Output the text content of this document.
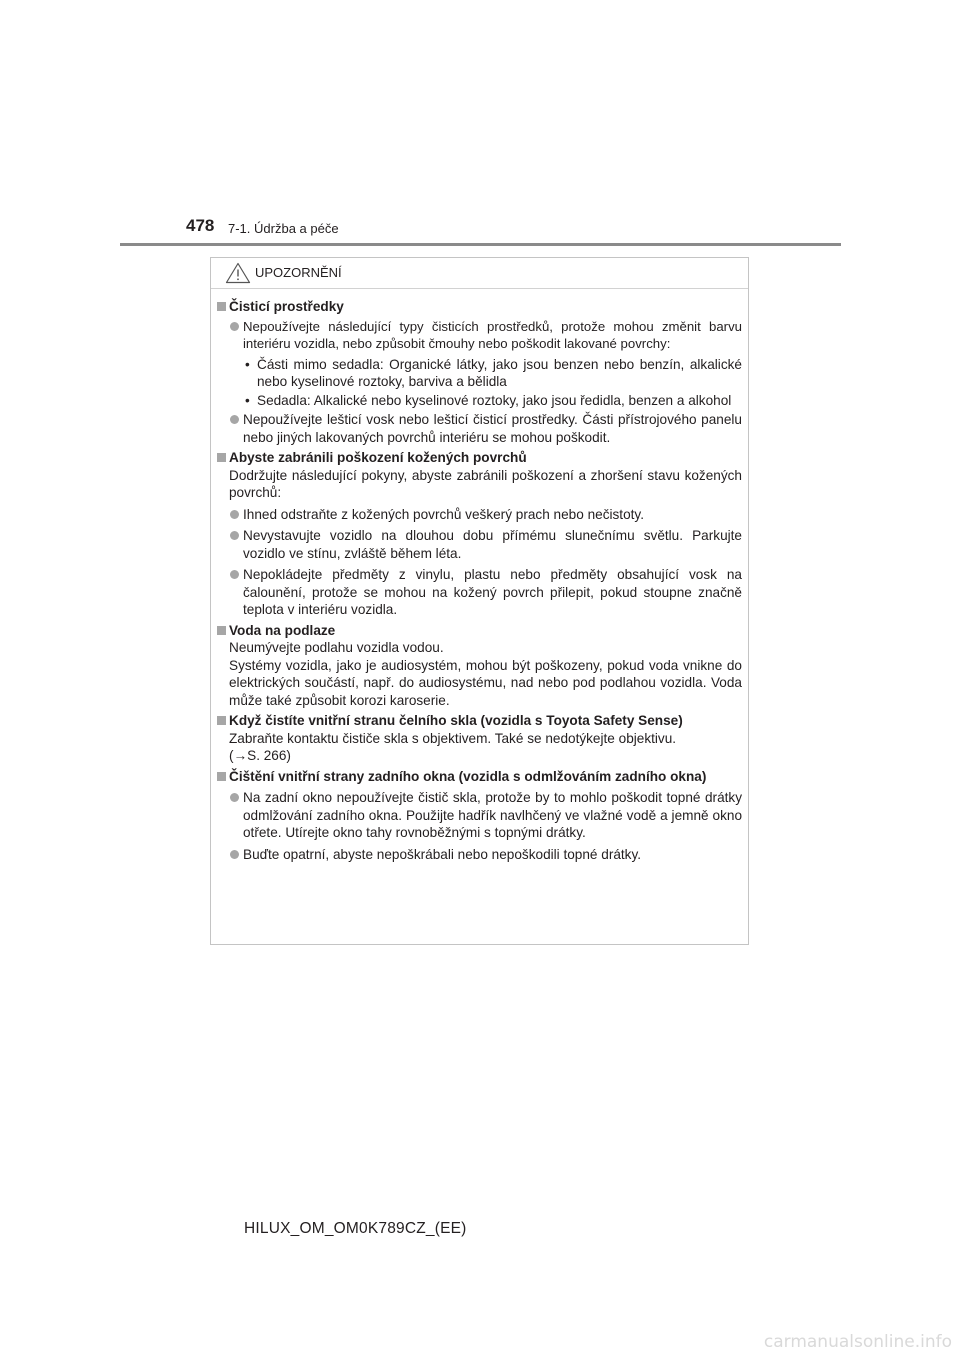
478 7-1. Údržba a péče
UPOZORNĚNÍ
Čisticí prostředky
Nepoužívejte následující typy čisticích prostředků, protože mohou změnit barvu interiéru vozidla, nebo způsobit čmouhy nebo poškodit lakované povrchy:
• Části mimo sedadla: Organické látky, jako jsou benzen nebo benzín, alkalické nebo kyselinové roztoky, barviva a bělidla
• Sedadla: Alkalické nebo kyselinové roztoky, jako jsou ředidla, benzen a alkohol
Nepoužívejte lešticí vosk nebo lešticí čisticí prostředky. Části přístrojového panelu nebo jiných lakovaných povrchů interiéru se mohou poškodit.
Abyste zabránili poškození kožených povrchů
Dodržujte následující pokyny, abyste zabránili poškození a zhoršení stavu kožených povrchů:
Ihned odstraňte z kožených povrchů veškerý prach nebo nečistoty.
Nevystavujte vozidlo na dlouhou dobu přímému slunečnímu světlu. Parkujte vozidlo ve stínu, zvláště během léta.
Nepokládejte předměty z vinylu, plastu nebo předměty obsahující vosk na čalounění, protože se mohou na kožený povrch přilepit, pokud stoupne značně teplota v interiéru vozidla.
Voda na podlaze
Neumývejte podlahu vozidla vodou.
Systémy vozidla, jako je audiosystém, mohou být poškozeny, pokud voda vnikne do elektrických součástí, např. do audiosystému, nad nebo pod podlahou vozidla. Voda může také způsobit korozi karoserie.
Když čistíte vnitřní stranu čelního skla (vozidla s Toyota Safety Sense)
Zabraňte kontaktu čističe skla s objektivem. Také se nedotýkejte objektivu.
(→S. 266)
Čištění vnitřní strany zadního okna (vozidla s odmlžováním zadního okna)
Na zadní okno nepoužívejte čistič skla, protože by to mohlo poškodit topné drátky odmlžování zadního okna. Použijte hadřík navlhčený ve vlažné vodě a jemně okno otřete. Utírejte okno tahy rovnoběžnými s topnými drátky.
Buďte opatrní, abyste nepoškrábali nebo nepoškodili topné drátky.
HILUX_OM_OM0K789CZ_(EE)
carmanualsonline.info
